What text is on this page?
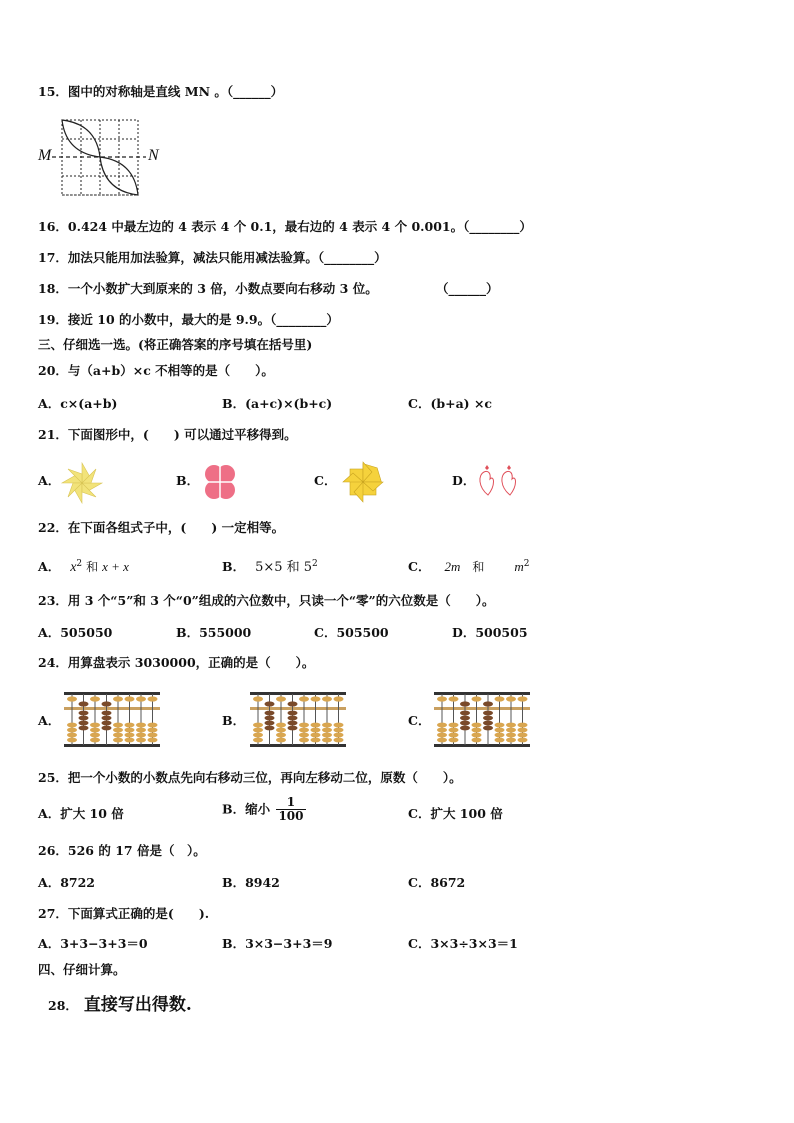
15．图中的对称轴是直线 MN 。（______）
M	N
16．0.424 中最左边的 4 表示 4 个 0.1，最右边的 4 表示 4 个 0.001。（________）
17．加法只能用加法验算，减法只能用减法验算。（________）
18．一个小数扩大到原来的 3 倍，小数点要向右移动 3 位。	（______）
19．接近 10 的小数中，最大的是 9.9。（________）
三、仔细选一选。(将正确答案的序号填在括号里)
20．与（a+b）×c 不相等的是（　　）。
A．c×(a+b)	B．(a+c)×(b+c)	C．(b+a) ×c
21．下面图形中，(　　) 可以通过平移得到。
A．	B．	C．	D．
22．在下面各组式子中，(　　) 一定相等。
A． $x^2$ 和 x + x	B． 5×5 和 $5^2$	C． 2m 和 $m^2$
23．用 3 个“5”和 3 个“0”组成的六位数中，只读一个“零”的六位数是（　　）。
A．505050	B．555000	C．505500	D．500505
24．用算盘表示 3030000，正确的是（　　）。
A．	B．	C．
25．把一个小数的小数点先向右移动三位，再向左移动二位，原数（　　）。
A．扩大 10 倍	B．缩小 $\frac{1}{100}$	C．扩大 100 倍
26．526 的 17 倍是（　）。
A．8722	B．8942	C．8672
27．下面算式正确的是(　　).
A．3+3−3+3＝0	B．3×3−3+3＝9	C．3×3÷3×3＝1
四、仔细计算。
28． 直接写出得数.
